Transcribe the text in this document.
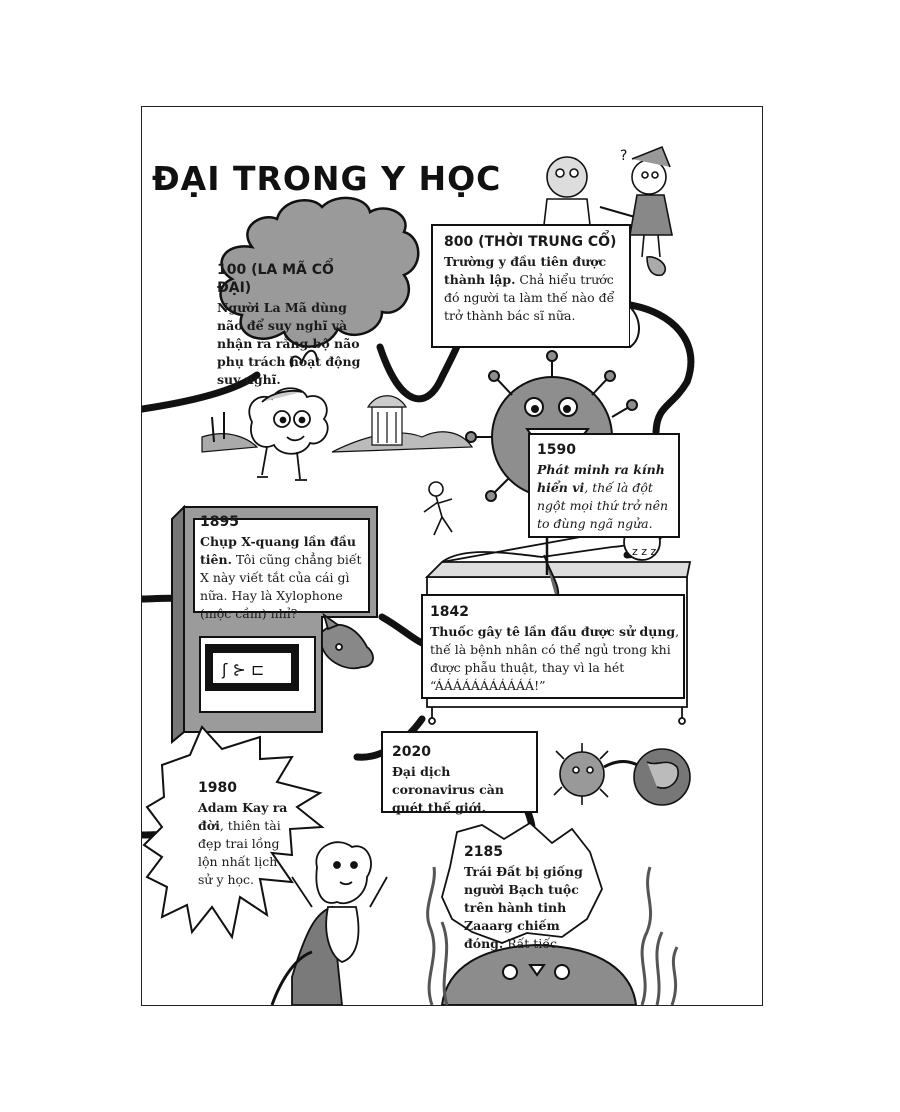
?
ʃ ⊱ ⊏
z z z
ĐẠI TRONG Y HỌC
100 (LA MÃ CỔ ĐẠI)
Người La Mã dùng não để suy nghĩ và nhận ra rằng bộ não phụ trách hoạt động suy nghĩ.
800 (THỜI TRUNG CỔ)
Trường y đầu tiên được thành lập. Chả hiểu trước đó người ta làm thế nào để trở thành bác sĩ nữa.
1590
Phát minh ra kính hiển vi, thế là đột ngột mọi thứ trở nên to đùng ngã ngửa.
1895
Chụp X-quang lần đầu tiên. Tôi cũng chẳng biết X này viết tắt của cái gì nữa. Hay là Xylophone (mộc cầm) nhỉ?	1842
Thuốc gây tê lần đầu được sử dụng, thế là bệnh nhân có thể ngủ trong khi được phẫu thuật, thay vì la hét “ÁÁÁÁÁÁÁÁÁÁÁ!”
2020
Đại dịch coronavirus càn quét thế giới.
1980
Adam Kay ra đời, thiên tài đẹp trai lồng lộn nhất lịch sử y học.
2185
Trái Đất bị giống người Bạch tuộc trên hành tinh Zaaarg chiếm đóng. Rất tiếc.
